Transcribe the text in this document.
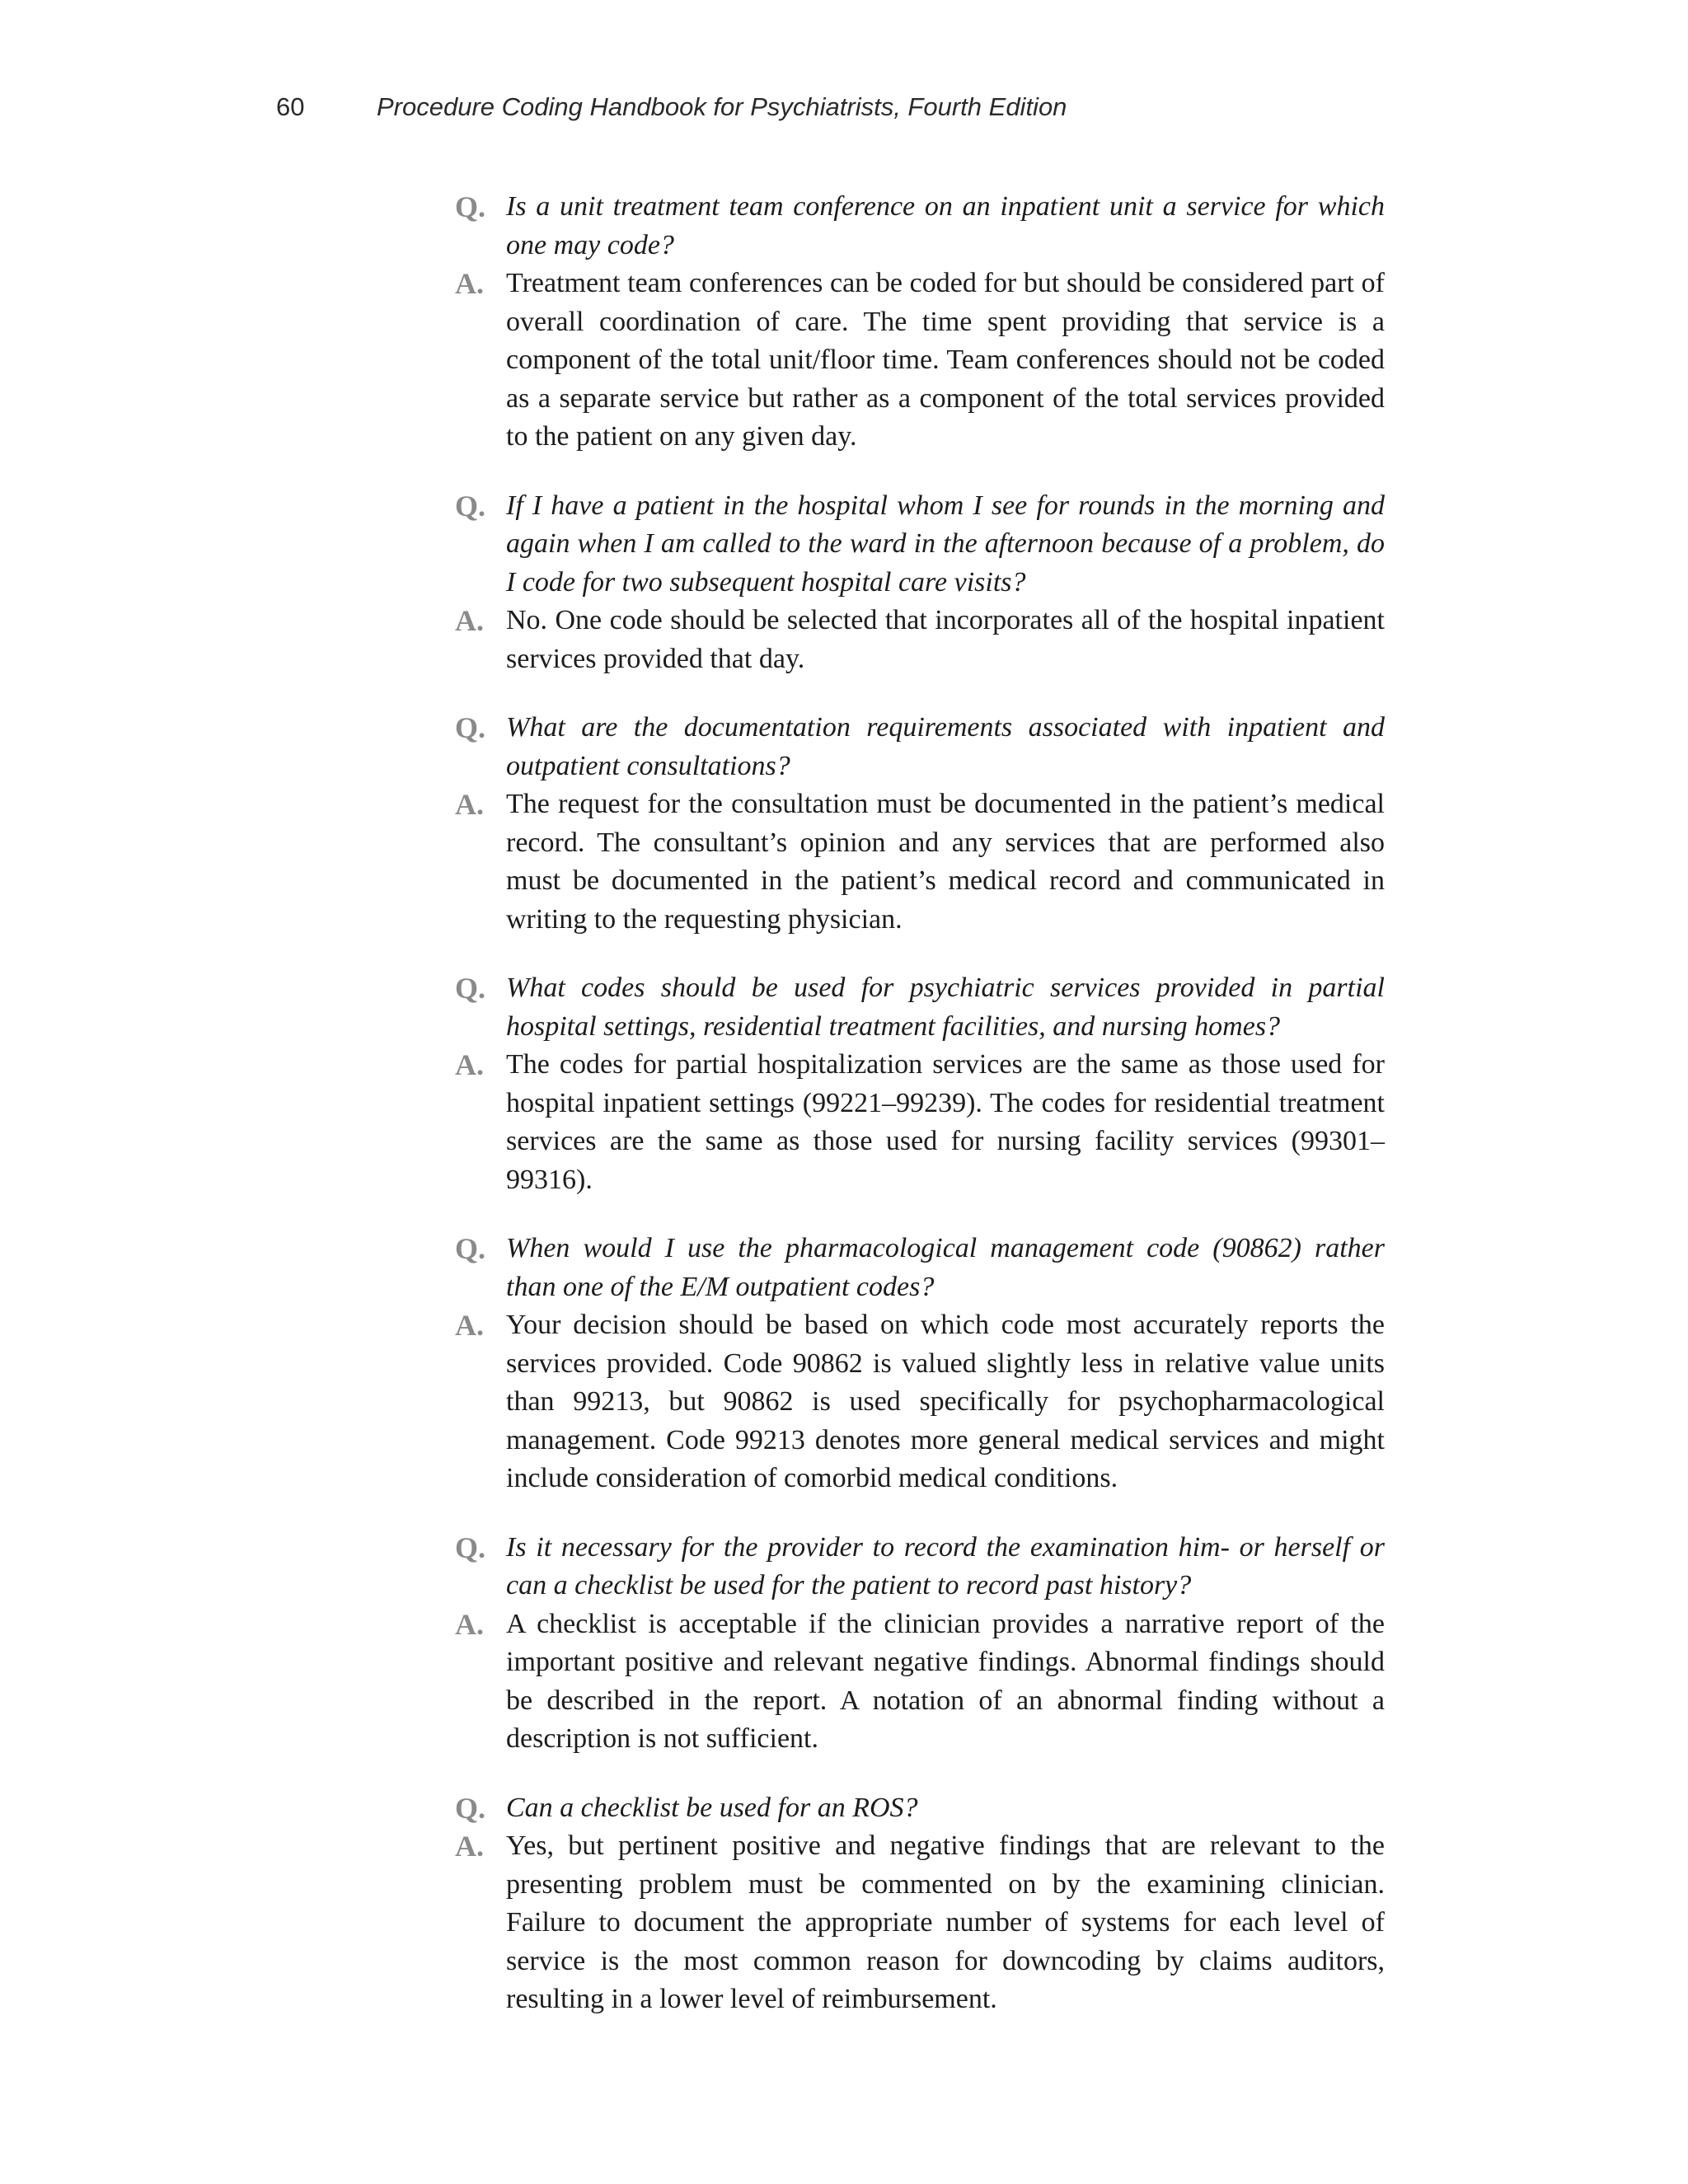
60	Procedure Coding Handbook for Psychiatrists, Fourth Edition
Q. Is a unit treatment team conference on an inpatient unit a service for which one may code?
A. Treatment team conferences can be coded for but should be considered part of overall coordination of care. The time spent providing that service is a component of the total unit/floor time. Team conferences should not be coded as a separate service but rather as a component of the total services provided to the patient on any given day.
Q. If I have a patient in the hospital whom I see for rounds in the morning and again when I am called to the ward in the afternoon because of a problem, do I code for two subsequent hospital care visits?
A. No. One code should be selected that incorporates all of the hospital inpatient services provided that day.
Q. What are the documentation requirements associated with inpatient and outpatient consultations?
A. The request for the consultation must be documented in the patient’s medical record. The consultant’s opinion and any services that are performed also must be documented in the patient’s medical record and communicated in writing to the requesting physician.
Q. What codes should be used for psychiatric services provided in partial hospital settings, residential treatment facilities, and nursing homes?
A. The codes for partial hospitalization services are the same as those used for hospital inpatient settings (99221–99239). The codes for residential treatment services are the same as those used for nursing facility services (99301–99316).
Q. When would I use the pharmacological management code (90862) rather than one of the E/M outpatient codes?
A. Your decision should be based on which code most accurately reports the services provided. Code 90862 is valued slightly less in relative value units than 99213, but 90862 is used specifically for psychopharmacological management. Code 99213 denotes more general medical services and might include consideration of comorbid medical conditions.
Q. Is it necessary for the provider to record the examination him- or herself or can a checklist be used for the patient to record past history?
A. A checklist is acceptable if the clinician provides a narrative report of the important positive and relevant negative findings. Abnormal findings should be described in the report. A notation of an abnormal finding without a description is not sufficient.
Q. Can a checklist be used for an ROS?
A. Yes, but pertinent positive and negative findings that are relevant to the presenting problem must be commented on by the examining clinician. Failure to document the appropriate number of systems for each level of service is the most common reason for downcoding by claims auditors, resulting in a lower level of reimbursement.
